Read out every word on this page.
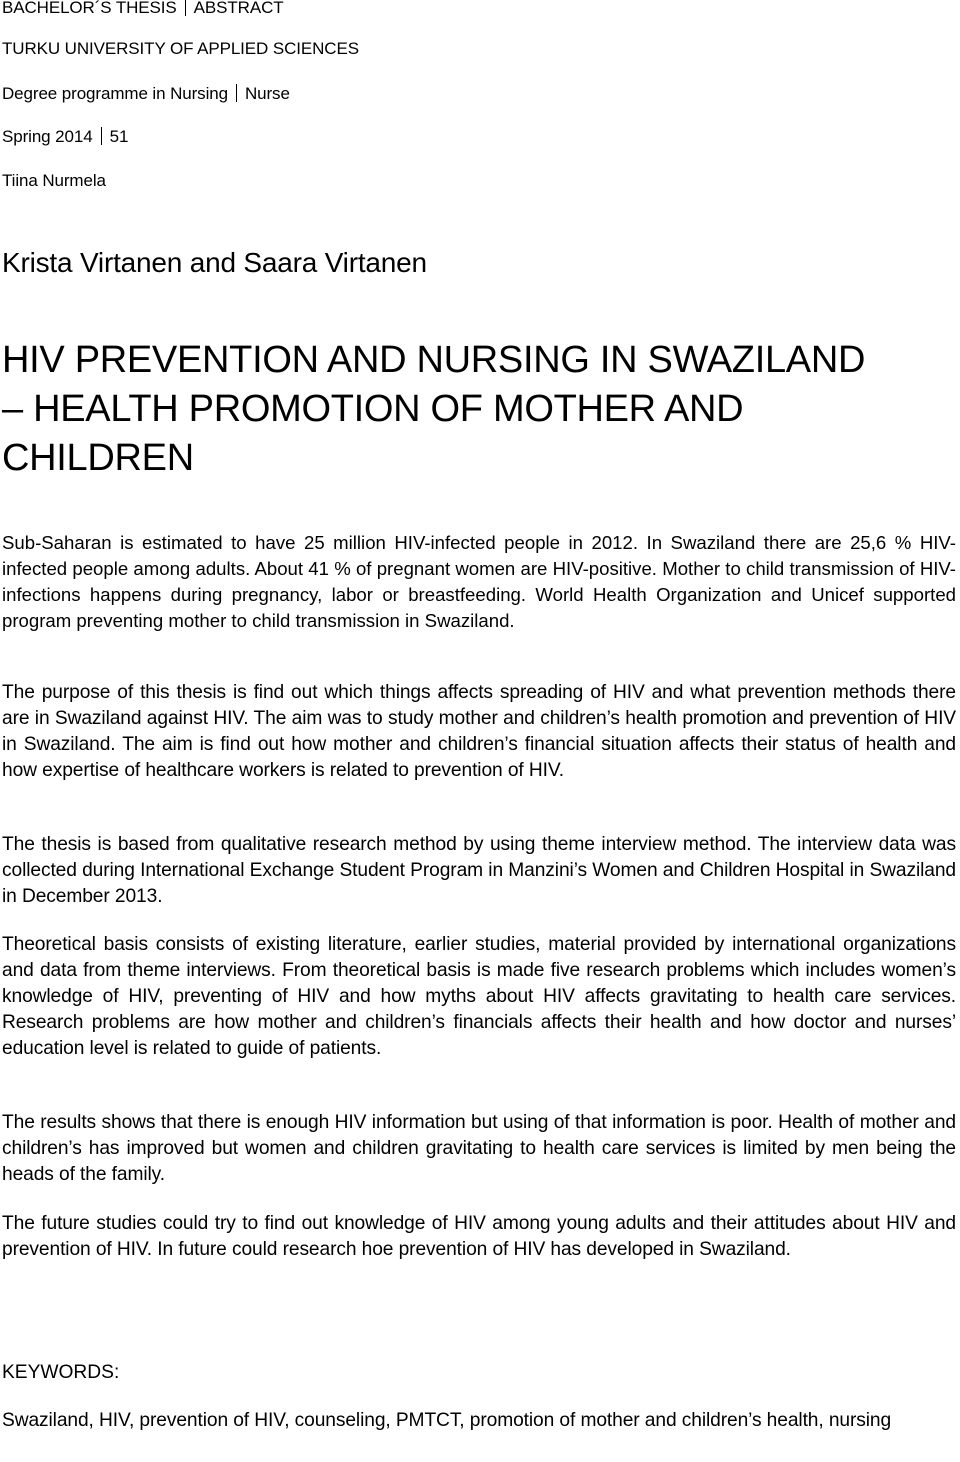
BACHELOR´S THESIS ABSTRACT
TURKU UNIVERSITY OF APPLIED SCIENCES
Degree programme in Nursing Nurse
Spring 2014 51
Tiina Nurmela
Krista Virtanen and Saara Virtanen
HIV PREVENTION AND NURSING IN SWAZILAND
– HEALTH PROMOTION OF MOTHER AND
CHILDREN
Sub-Saharan is estimated to have 25 million HIV-infected people in 2012. In Swaziland there are 25,6 % HIV-infected people among adults. About 41 % of pregnant women are HIV-positive. Mother to child transmission of HIV-infections happens during pregnancy, labor or breastfeeding. World Health Organization and Unicef supported program preventing mother to child transmission in Swaziland.
The purpose of this thesis is find out which things affects spreading of HIV and what prevention methods there are in Swaziland against HIV. The aim was to study mother and children’s health promotion and prevention of HIV in Swaziland. The aim is find out how mother and children’s financial situation affects their status of health and how expertise of healthcare workers is related to prevention of HIV.
The thesis is based from qualitative research method by using theme interview method. The interview data was collected during International Exchange Student Program in Manzini’s Women and Children Hospital in Swaziland in December 2013.
Theoretical basis consists of existing literature, earlier studies, material provided by international organizations and data from theme interviews. From theoretical basis is made five research problems which includes women’s knowledge of HIV, preventing of HIV and how myths about HIV affects gravitating to health care services. Research problems are how mother and children’s financials affects their health and how doctor and nurses’ education level is related to guide of patients.
The results shows that there is enough HIV information but using of that information is poor. Health of mother and children’s has improved but women and children gravitating to health care services is limited by men being the heads of the family.
The future studies could try to find out knowledge of HIV among young adults and their attitudes about HIV and prevention of HIV. In future could research hoe prevention of HIV has developed in Swaziland.
KEYWORDS:
Swaziland, HIV, prevention of HIV, counseling, PMTCT, promotion of mother and children’s health, nursing
